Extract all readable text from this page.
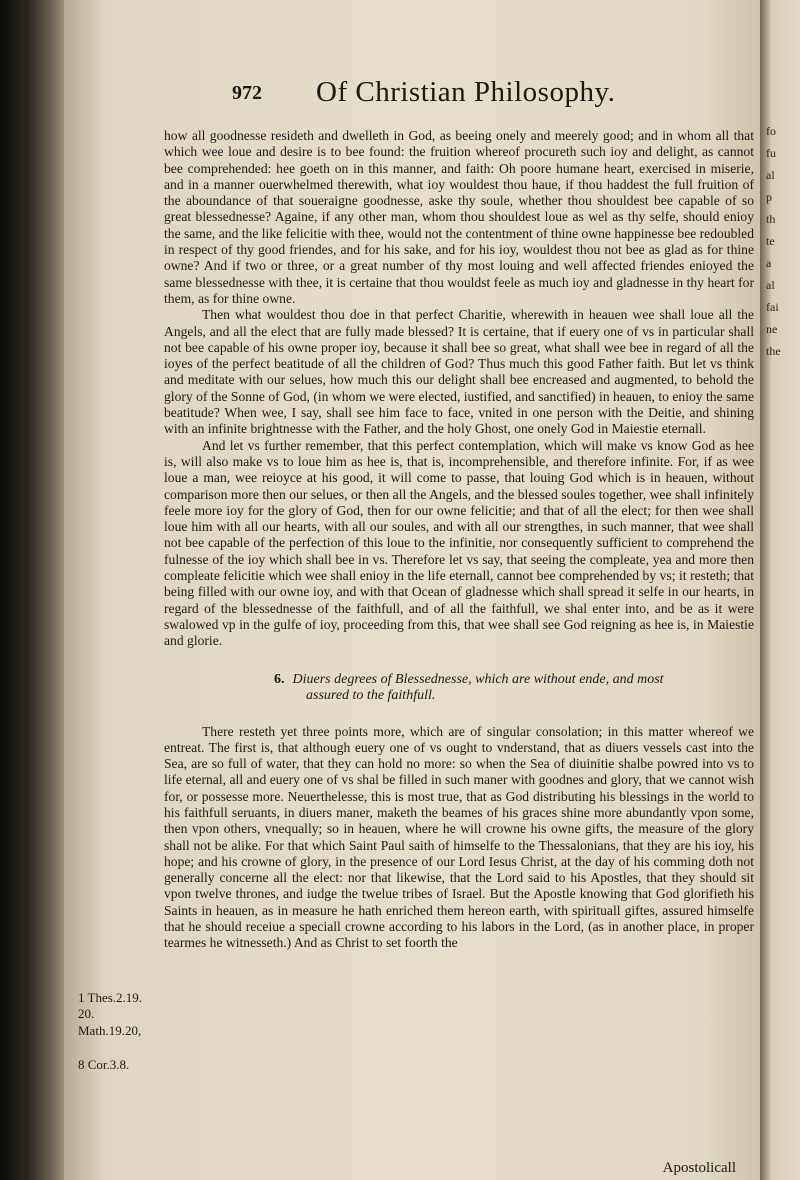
972 Of Christian Philosophy.

how all goodnesse resideth and dwelleth in God, as beeing onely and meerely good; and in whom all that which wee loue and desire is to bee found: the fruition whereof procureth such ioy and delight, as cannot bee comprehended: hee goeth on in this manner, and faith: Oh poore humane heart, exercised in miserie, and in a manner ouerwhelmed therewith, what ioy wouldest thou haue, if thou haddest the full fruition of the aboundance of that soueraigne goodnesse, aske thy soule, whether thou shouldest bee capable of so great blessednesse? Againe, if any other man, whom thou shouldest loue as wel as thy selfe, should enioy the same, and the like felicitie with thee, would not the contentment of thine owne happinesse bee redoubled in respect of thy good friendes, and for his sake, and for his ioy, wouldest thou not bee as glad as for thine owne? And if two or three, or a great number of thy most louing and well affected friendes enioyed the same blessednesse with thee, it is certaine that thou wouldst feele as much ioy and gladnesse in thy heart for them, as for thine owne.

Then what wouldest thou doe in that perfect Charitie, wherewith in heauen wee shall loue all the Angels, and all the elect that are fully made blessed? It is certaine, that if euery one of vs in particular shall not bee capable of his owne proper ioy, because it shall bee so great, what shall wee bee in regard of all the ioyes of the perfect beatitude of all the children of God? Thus much this good Father faith. But let vs think and meditate with our selues, how much this our delight shall bee encreased and augmented, to behold the glory of the Sonne of God, (in whom we were elected, iustified, and sanctified) in heauen, to enioy the same beatitude? When wee, I say, shall see him face to face, vnited in one person with the Deitie, and shining with an infinite brightnesse with the Father, and the holy Ghost, one onely God in Maiestie eternall.

And let vs further remember, that this perfect contemplation, which will make vs know God as hee is, will also make vs to loue him as hee is, that is, incomprehensible, and therefore infinite. For, if as wee loue a man, wee reioyce at his good, it will come to passe, that louing God which is in heauen, without comparison more then our selues, or then all the Angels, and the blessed soules together, wee shall infinitely feele more ioy for the glory of God, then for our owne felicitie; and that of all the elect; for then wee shall loue him with all our hearts, with all our soules, and with all our strengthes, in such manner, that wee shall not bee capable of the perfection of this loue to the infinitie, nor consequently sufficient to comprehend the fulnesse of the ioy which shall bee in vs. Therefore let vs say, that seeing the compleate, yea and more then compleate felicitie which wee shall enioy in the life eternall, cannot bee comprehended by vs; it resteth; that being filled with our owne ioy, and with that Ocean of gladnesse which shall spread it selfe in our hearts, in regard of the blessednesse of the faithfull, and of all the faithfull, we shal enter into, and be as it were swalowed vp in the gulfe of ioy, proceeding from this, that wee shall see God reigning as hee is, in Maiestie and glorie.

6. Diuers degrees of Blessednesse, which are without ende, and most
assured to the faithfull.

There resteth yet three points more, which are of singular consolation; in this matter whereof we entreat. The first is, that although euery one of vs ought to vnderstand, that as diuers vessels cast into the Sea, are so full of water, that they can hold no more: so when the Sea of diuinitie shalbe powred into vs to life eternal, all and euery one of vs shal be filled in such maner with goodnes and glory, that we cannot wish for, or possesse more. Neuerthelesse, this is most true, that as God distributing his blessings in the world to his faithfull seruants, in diuers maner, maketh the beames of his graces shine more abundantly vpon some, then vpon others, vnequally; so in heauen, where he will crowne his owne gifts, the measure of the glory shall not be alike. For that which Saint Paul saith of himselfe to the Thessalonians, that they are his ioy, his hope; and his crowne of glory, in the presence of our Lord Iesus Christ, at the day of his comming doth not generally concerne all the elect: nor that likewise, that the Lord said to his Apostles, that they should sit vpon twelve thrones, and iudge the twelue tribes of Israel. But the Apostle knowing that God glorifieth his Saints in heauen, as in measure he hath enriched them hereon earth, with spirituall giftes, assured himselfe that he should receiue a speciall crowne according to his labors in the Lord, (as in another place, in proper tearmes he witnesseth.) And as Christ to set foorth the

1 Thes.2.19.
20.
Math.19.20,
8 Cor.3.8.
Apostolicall
fo
fu
al
p
th
te
a
al
fai
ne
the
